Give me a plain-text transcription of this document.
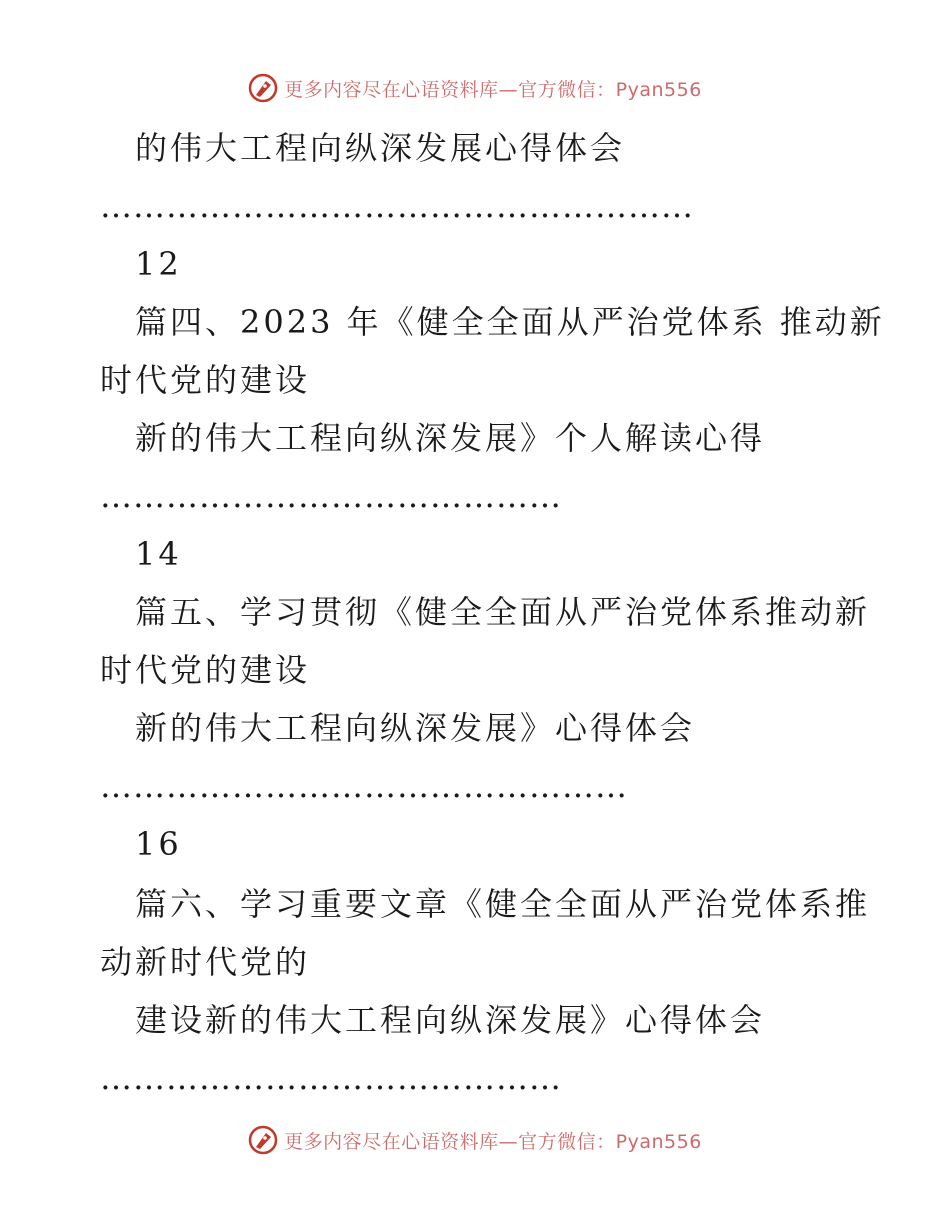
更多内容尽在心语资料库—官方微信：Pyan556
的伟大工程向纵深发展心得体会
………………………………………………
12
篇四、2023 年《健全全面从严治党体系 推动新
时代党的建设
新的伟大工程向纵深发展》个人解读心得
……………………………………
14
篇五、学习贯彻《健全全面从严治党体系推动新
时代党的建设
新的伟大工程向纵深发展》心得体会
…………………………………………
16
篇六、学习重要文章《健全全面从严治党体系推
动新时代党的
建设新的伟大工程向纵深发展》心得体会
……………………………………
更多内容尽在心语资料库—官方微信：Pyan556
